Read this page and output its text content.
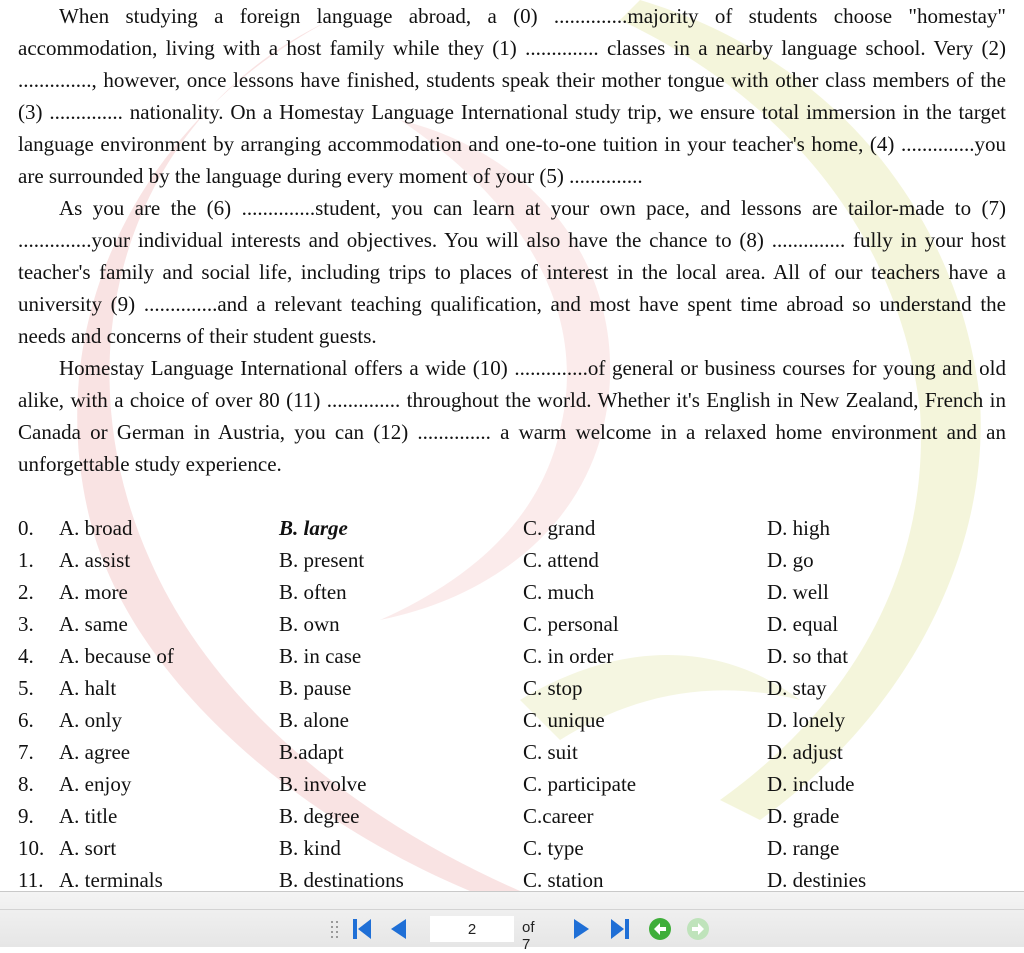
When studying a foreign language abroad, a (0) ..............majority of students choose "homestay" accommodation, living with a host family while they (1) .............. classes in a nearby language school. Very (2) .............., however, once lessons have finished, students speak their mother tongue with other class members of the (3) .............. nationality. On a Homestay Language International study trip, we ensure total immersion in the target language environment by arranging accommodation and one-to-one tuition in your teacher's home, (4) ..............you are surrounded by the language during every moment of your (5) ..............

As you are the (6) ..............student, you can learn at your own pace, and lessons are tailor-made to (7) ..............your individual interests and objectives. You will also have the chance to (8) .............. fully in your host teacher's family and social life, including trips to places of interest in the local area. All of our teachers have a university (9) ..............and a relevant teaching qualification, and most have spent time abroad so understand the needs and concerns of their student guests.

Homestay Language International offers a wide (10) ..............of general or business courses for young and old alike, with a choice of over 80 (11) .............. throughout the world. Whether it's English in New Zealand, French in Canada or German in Austria, you can (12) .............. a warm welcome in a relaxed home environment and an unforgettable study experience.

0. A. broad	B. large	C. grand	D. high
1. A. assist	B. present	C. attend	D. go
2. A. more	B. often	C. much	D. well
3. A. same	B. own	C. personal	D. equal
4. A. because of	B. in case	C. in order	D. so that
5. A. halt	B. pause	C. stop	D. stay
6. A. only	B. alone	C. unique	D. lonely
7. A. agree	B.adapt	C. suit	D. adjust
8. A. enjoy	B. involve	C. participate	D. include
9. A. title	B. degree	C.career	D. grade
10. A. sort	B. kind	C. type	D. range
11. A. terminals	B. destinations	C. station	D. destinies
2
of 7
